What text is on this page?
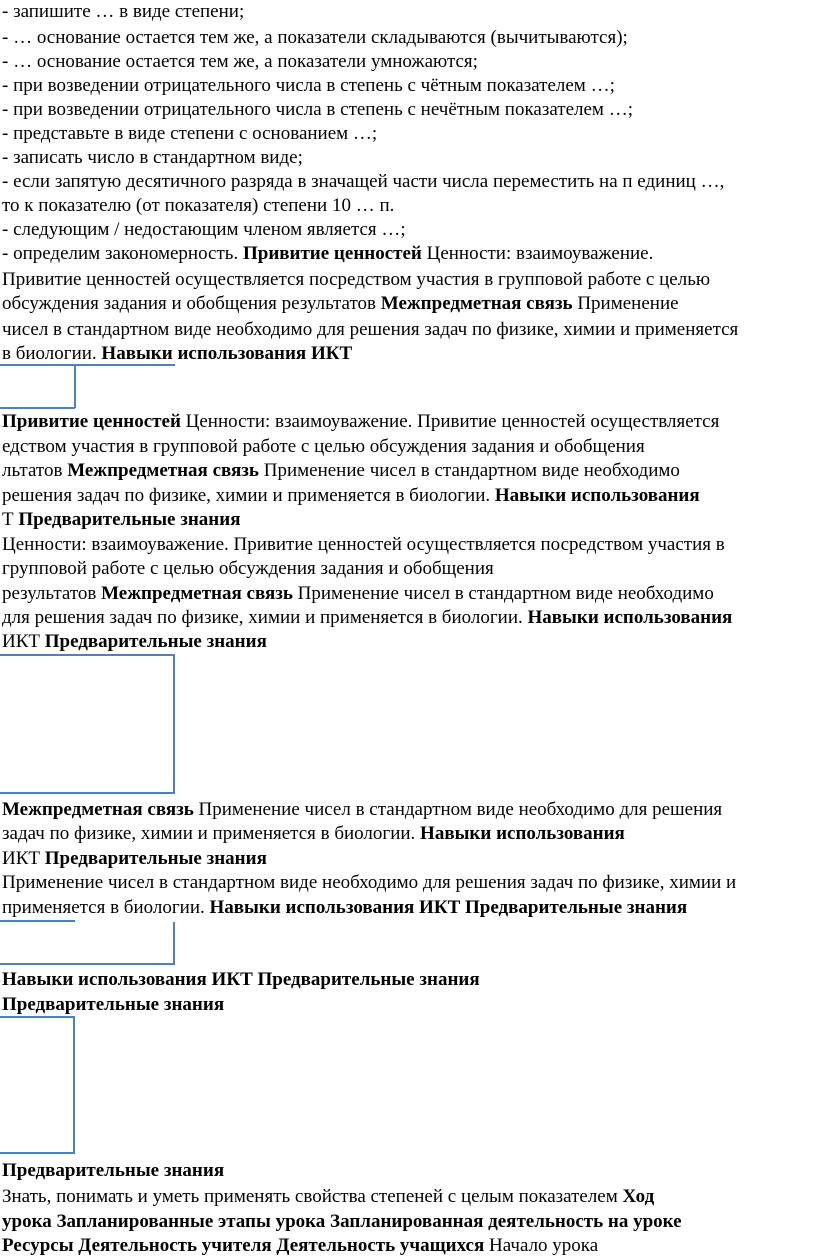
- запишите … в виде степени;
- … основание остается тем же, а показатели складываются (вычитываются);
- … основание остается тем же, а показатели умножаются;
- при возведении отрицательного числа в степень с чётным показателем …;
- при возведении отрицательного числа в степень с нечётным показателем …;
- представьте в виде степени с основанием …;
- записать число в стандартном виде;
- если запятую десятичного разряда в значащей части числа переместить на п единиц …,
то к показателю (от показателя) степени 10 … п.
- следующим / недостающим членом является …;
- определим закономерность. Привитие ценностей Ценности: взаимоуважение.
Привитие ценностей осуществляется посредством участия в групповой работе с целью
обсуждения задания и обобщения результатов Межпредметная связь Применение
чисел в стандартном виде необходимо для решения задач по физике, химии и применяется
в биологии. Навыки использования ИКТ
Привитие ценностей Ценности: взаимоуважение. Привитие ценностей осуществляется
едством участия в групповой работе с целью обсуждения задания и обобщения
льтатов Межпредметная связь Применение чисел в стандартном виде необходимо
решения задач по физике, химии и применяется в биологии. Навыки использования
Т Предварительные знания
Ценности: взаимоуважение. Привитие ценностей осуществляется посредством участия в
групповой работе с целью обсуждения задания и обобщения
результатов Межпредметная связь Применение чисел в стандартном виде необходимо
для решения задач по физике, химии и применяется в биологии. Навыки использования
ИКТ Предварительные знания
Межпредметная связь Применение чисел в стандартном виде необходимо для решения
задач по физике, химии и применяется в биологии. Навыки использования
ИКТ Предварительные знания
Применение чисел в стандартном виде необходимо для решения задач по физике, химии и
применяется в биологии. Навыки использования ИКТ Предварительные знания
Навыки использования ИКТ Предварительные знания
Предварительные знания
Предварительные знания
Знать, понимать и уметь применять свойства степеней с целым показателем Ход
урока Запланированные этапы урока Запланированная деятельность на уроке
Ресурсы Деятельность учителя Деятельность учащихся Начало урока
